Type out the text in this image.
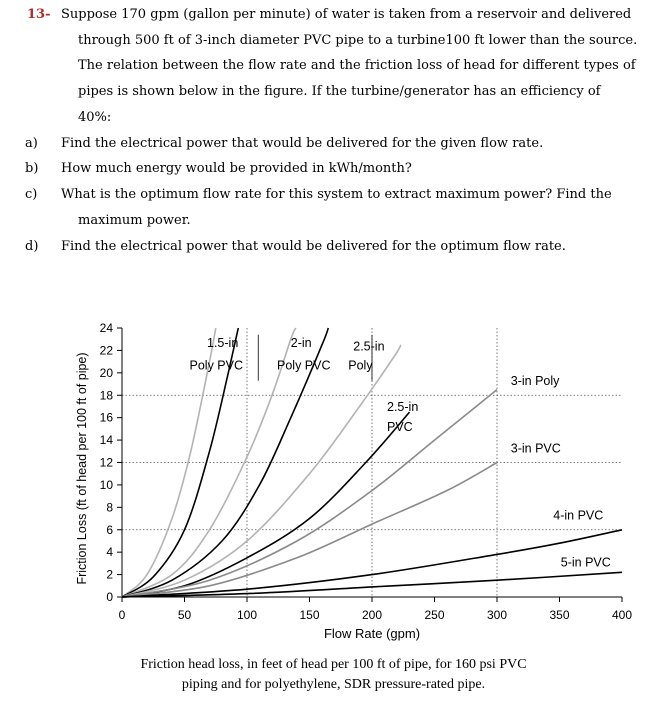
13- Suppose 170 gpm (gallon per minute) of water is taken from a reservoir and delivered
through 500 ft of 3-inch diameter PVC pipe to a turbine100 ft lower than the source.
The relation between the flow rate and the friction loss of head for different types of
pipes is shown below in the figure. If the turbine/generator has an efficiency of
40%:
a) Find the electrical power that would be delivered for the given flow rate.
b) How much energy would be provided in kWh/month?
c) What is the optimum flow rate for this system to extract maximum power? Find the
maximum power.
d) Find the electrical power that would be delivered for the optimum flow rate.
0
2
4
6
8
10
12
14
16
18
20
22
24
0	50	100	150	200	250	300	350	400
Flow Rate (gpm)
Friction Loss (ft of head per 100 ft of pipe)
1.5-in
Poly PVC
2-in
Poly PVC
2.5-in
Poly
2.5-in
PVC
3-in Poly
3-in PVC
4-in PVC
5-in PVC
Friction head loss, in feet of head per 100 ft of pipe, for 160 psi PVC
piping and for polyethylene, SDR pressure-rated pipe.
